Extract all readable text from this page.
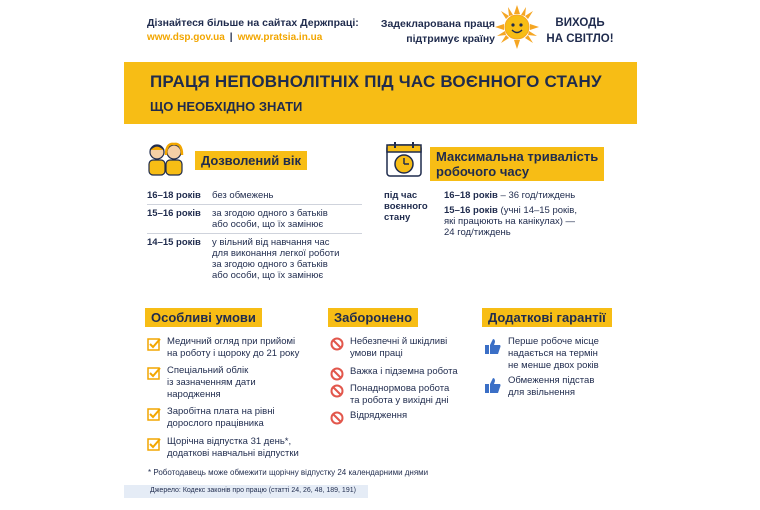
Дізнайтеся більше на сайтах Держпраці:
www.dsp.gov.ua | www.pratsia.in.ua
Задекларована праця
підтримує країну
ВИХОДЬ
НА СВІТЛО!
ПРАЦЯ НЕПОВНОЛІТНІХ ПІД ЧАС ВОЄННОГО СТАНУ
ЩО НЕОБХІДНО ЗНАТИ
Дозволений вік
16–18 років без обмежень
15–16 років за згодою одного з батьків
або особи, що їх замінює
14–15 років у вільний від навчання час
для виконання легкої роботи
за згодою одного з батьків
або особи, що їх замінює
Максимальна тривалість
робочого часу
під час
воєнного
стану
16–18 років – 36 год/тиждень
15–16 років (учні 14–15 років,
які працюють на канікулах) —
24 год/тиждень
Особливі умови
Медичний огляд при прийомі
на роботу і щороку до 21 року
Спеціальний облік
із зазначенням дати
народження
Заробітна плата на рівні
дорослого працівника
Щорічна відпустка 31 день*,
додаткові навчальні відпустки
Заборонено
Небезпечні й шкідливі
умови праці
Важка і підземна робота
Понаднормова робота
та робота у вихідні дні
Відрядження
Додаткові гарантії
Перше робоче місце
надається на термін
не менше двох років
Обмеження підстав
для звільнення
* Роботодавець може обмежити щорічну відпустку 24 календарними днями
Джерело: Кодекс законів про працю (статті 24, 26, 48, 189, 191)
